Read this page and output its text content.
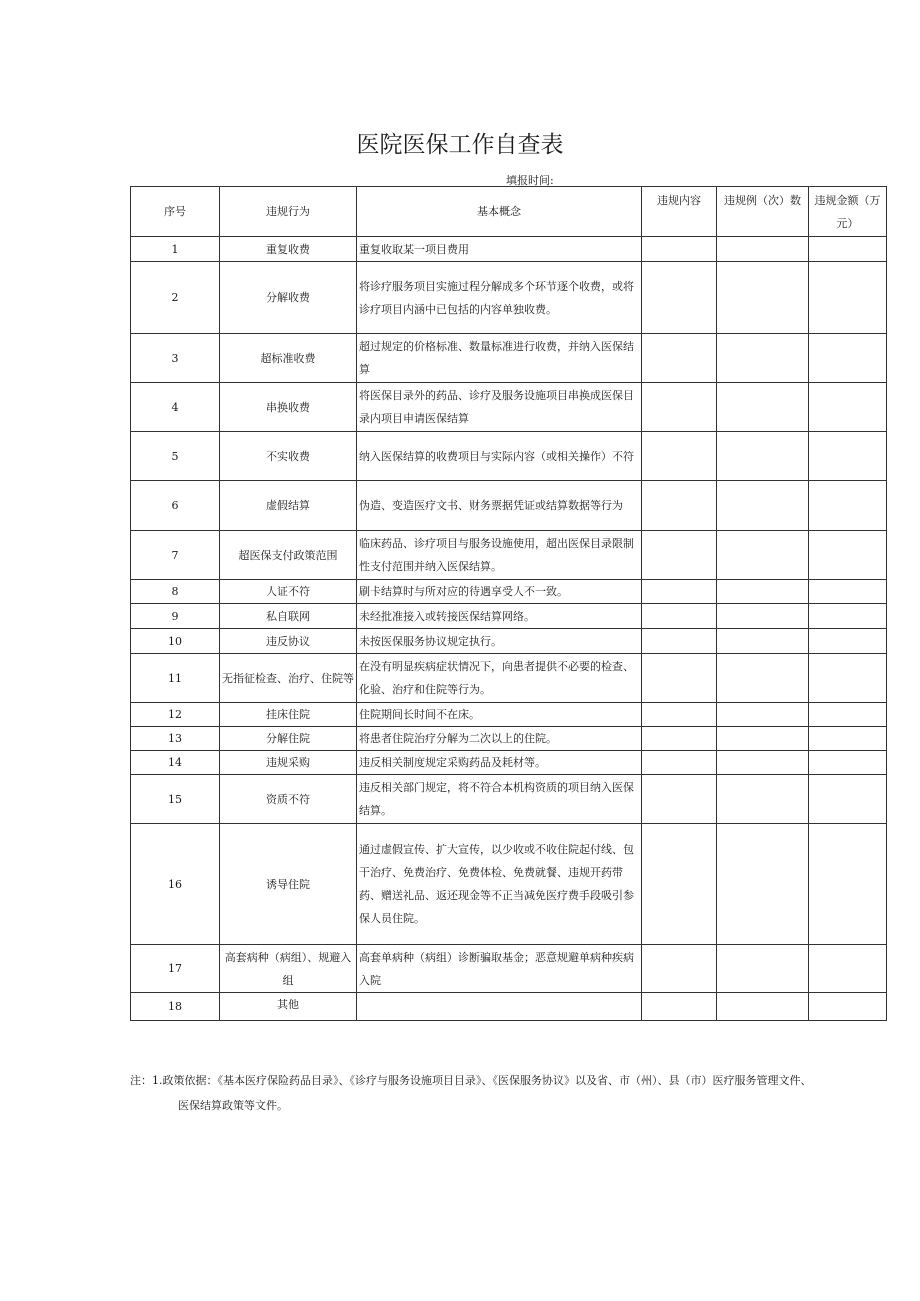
医院医保工作自查表
填报时间:
序号	违规行为	基本概念	违规内容	违规例（次）数	违规金额（万元）
1	重复收费	重复收取某一项目费用			
2	分解收费	将诊疗服务项目实施过程分解成多个环节逐个收费，或将诊疗项目内涵中已包括的内容单独收费。			
3	超标准收费	超过规定的价格标准、数量标准进行收费，并纳入医保结算			
4	串换收费	将医保目录外的药品、诊疗及服务设施项目串换成医保目录内项目申请医保结算			
5	不实收费	纳入医保结算的收费项目与实际内容（或相关操作）不符			
6	虚假结算	伪造、变造医疗文书、财务票据凭证或结算数据等行为			
7	超医保支付政策范围	临床药品、诊疗项目与服务设施使用，超出医保目录限制性支付范围并纳入医保结算。			
8	人证不符	刷卡结算时与所对应的待遇享受人不一致。			
9	私自联网	未经批准接入或转接医保结算网络。			
10	违反协议	未按医保服务协议规定执行。			
11	无指征检查、治疗、住院等	在没有明显疾病症状情况下，向患者提供不必要的检查、化验、治疗和住院等行为。			
12	挂床住院	住院期间长时间不在床。			
13	分解住院	将患者住院治疗分解为二次以上的住院。			
14	违规采购	违反相关制度规定采购药品及耗材等。			
15	资质不符	违反相关部门规定，将不符合本机构资质的项目纳入医保结算。			
16	诱导住院	通过虚假宣传、扩大宣传，以少收或不收住院起付线、包干治疗、免费治疗、免费体检、免费就餐、违规开药带药、赠送礼品、返还现金等不正当减免医疗费手段吸引参保人员住院。			
17	高套病种（病组）、规避入组	高套单病种（病组）诊断骗取基金；恶意规避单病种疾病入院			
18	其他				
注：1.政策依据：《基本医疗保险药品目录》、《诊疗与服务设施项目目录》、《医保服务协议》以及省、市（州）、县（市）医疗服务管理文件、
医保结算政策等文件。
